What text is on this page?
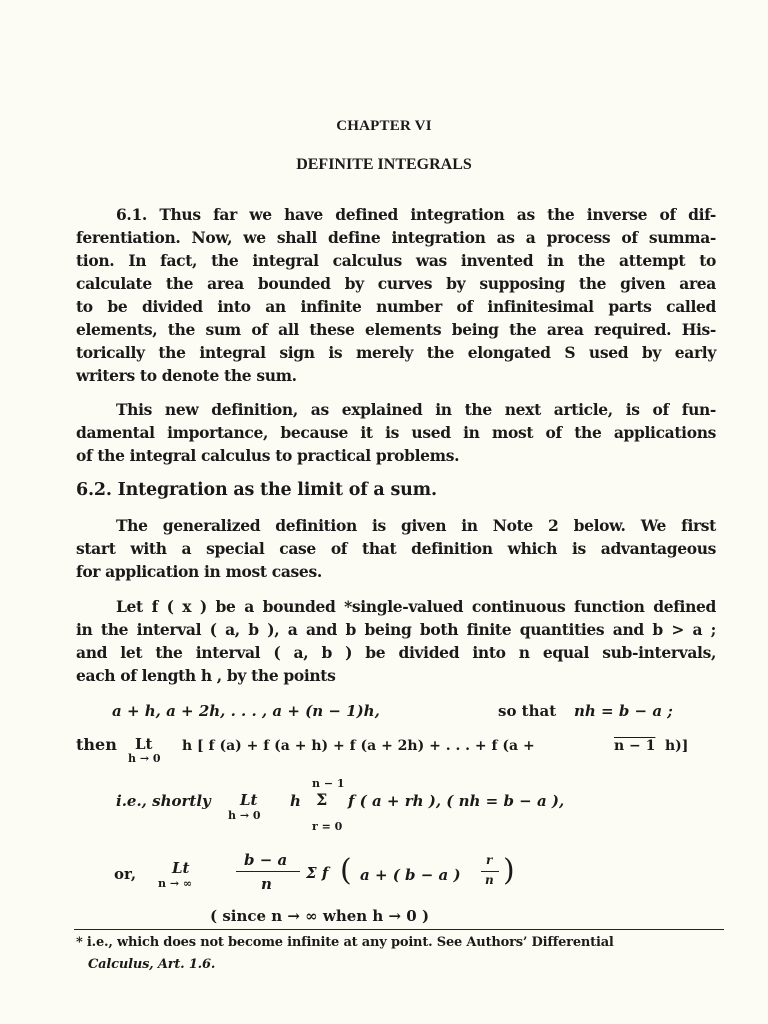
CHAPTER VI
DEFINITE INTEGRALS
6.1. Thus far we have defined integration as the inverse of dif-
ferentiation. Now, we shall define integration as a process of summa-
tion. In fact, the integral calculus was invented in the attempt to
calculate the area bounded by curves by supposing the given area
to be divided into an infinite number of infinitesimal parts called
elements, the sum of all these elements being the area required. His-
torically the integral sign is merely the elongated S used by early
writers to denote the sum.
This new definition, as explained in the next article, is of fun-
damental importance, because it is used in most of the applications
of the integral calculus to practical problems.
6.2. Integration as the limit of a sum.
The generalized definition is given in Note 2 below. We first
start with a special case of that definition which is advantageous
for application in most cases.
Let f ( x ) be a bounded *single-valued continuous function defined
in the interval ( a, b ), a and b being both finite quantities and b > a ;
and let the interval ( a, b ) be divided into n equal sub-intervals,
each of length h , by the points
a + h, a + 2h, . . . , a + (n − 1)h,	so that nh = b − a ;
then Lt
h → 0
h [ f (a) + f (a + h) + f (a + 2h) + . . . + f (a +	n − 1 h)]
n − 1
i.e., shortly Lt
h → 0
h Σ
r = 0
f ( a + rh ), ( nh = b − a ),
or, Lt
n → ∞
b − a
n
Σ f ( a + ( b − a )
r
n )
( since n → ∞ when h → 0 )
* i.e., which does not become infinite at any point. See Authors’ Differential
Calculus, Art. 1.6.
